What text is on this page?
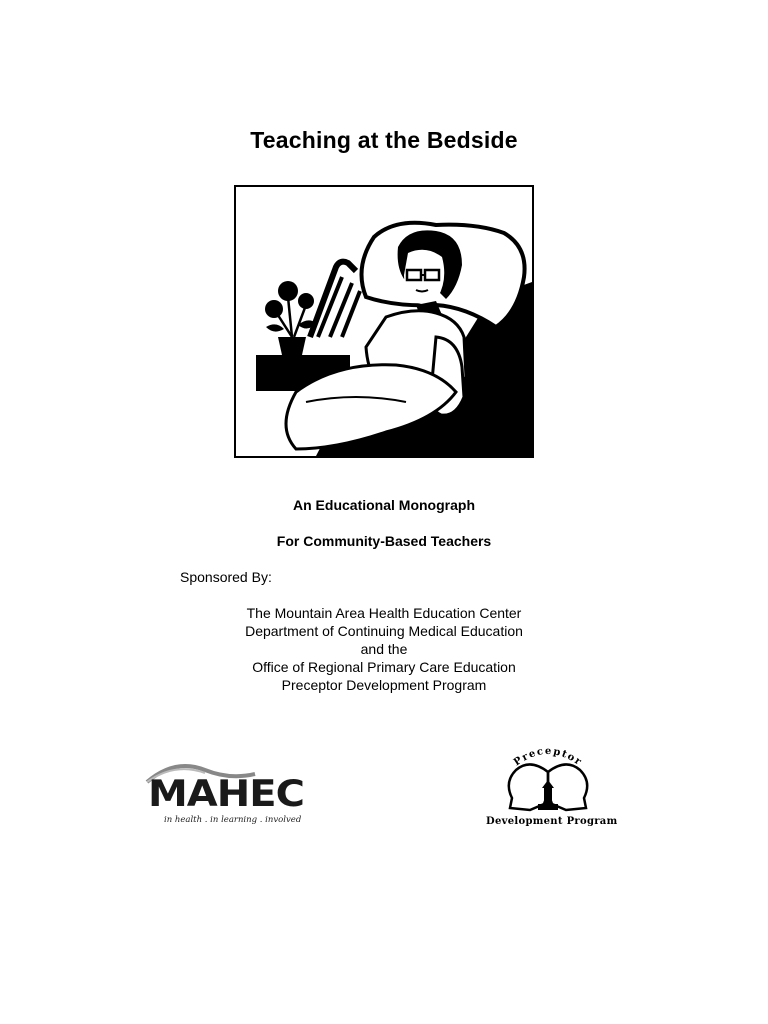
Teaching at the Bedside
An Educational Monograph
For Community-Based Teachers
Sponsored By:
The Mountain Area Health Education Center
Department of Continuing Medical Education
and the
Office of Regional Primary Care Education
Preceptor Development Program
MAHEC
in health . in learning . involved
Preceptor
Development Program
